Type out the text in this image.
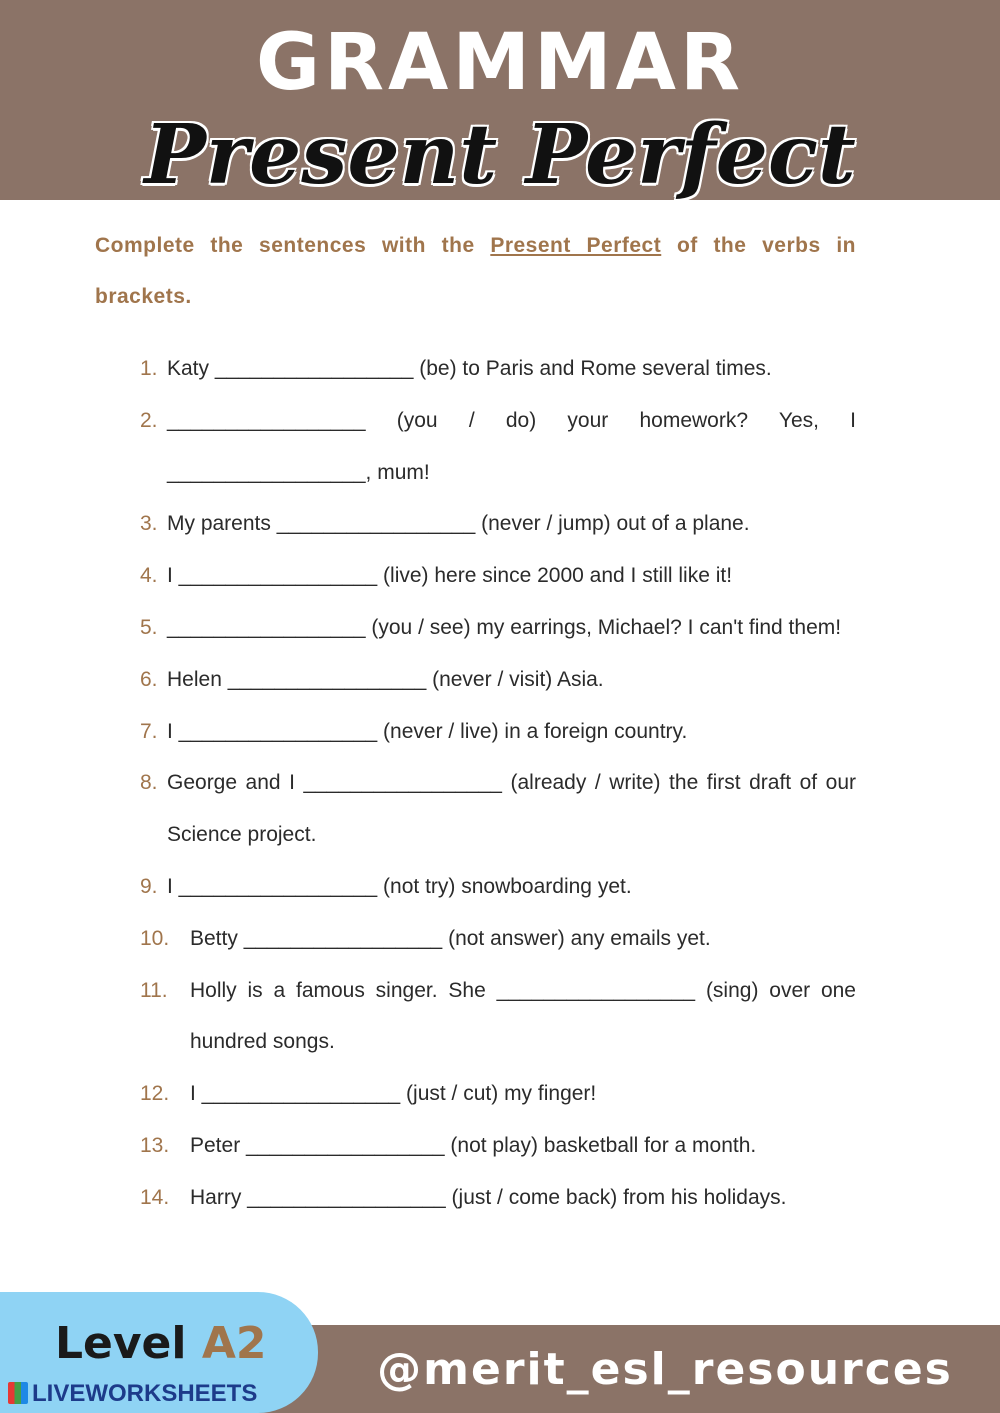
GRAMMAR
Present Perfect
Complete the sentences with the Present Perfect of the verbs in brackets.
1. Katy _________________ (be) to Paris and Rome several times.
2. _________________ (you / do) your homework? Yes, I _________________, mum!
3. My parents _________________ (never / jump) out of a plane.
4. I _________________ (live) here since 2000 and I still like it!
5. _________________ (you / see) my earrings, Michael? I can't find them!
6. Helen _________________ (never / visit) Asia.
7. I _________________ (never / live) in a foreign country.
8. George and I _________________ (already / write) the first draft of our Science project.
9. I _________________ (not try) snowboarding yet.
10. Betty _________________ (not answer) any emails yet.
11.	Holly is a famous singer. She _________________ (sing) over one hundred songs.
12. I _________________ (just / cut) my finger!
13. Peter _________________ (not play) basketball for a month.
14. Harry _________________ (just / come back) from his holidays.
@merit_esl_resources
Level A2
LIVEWORKSHEETS
